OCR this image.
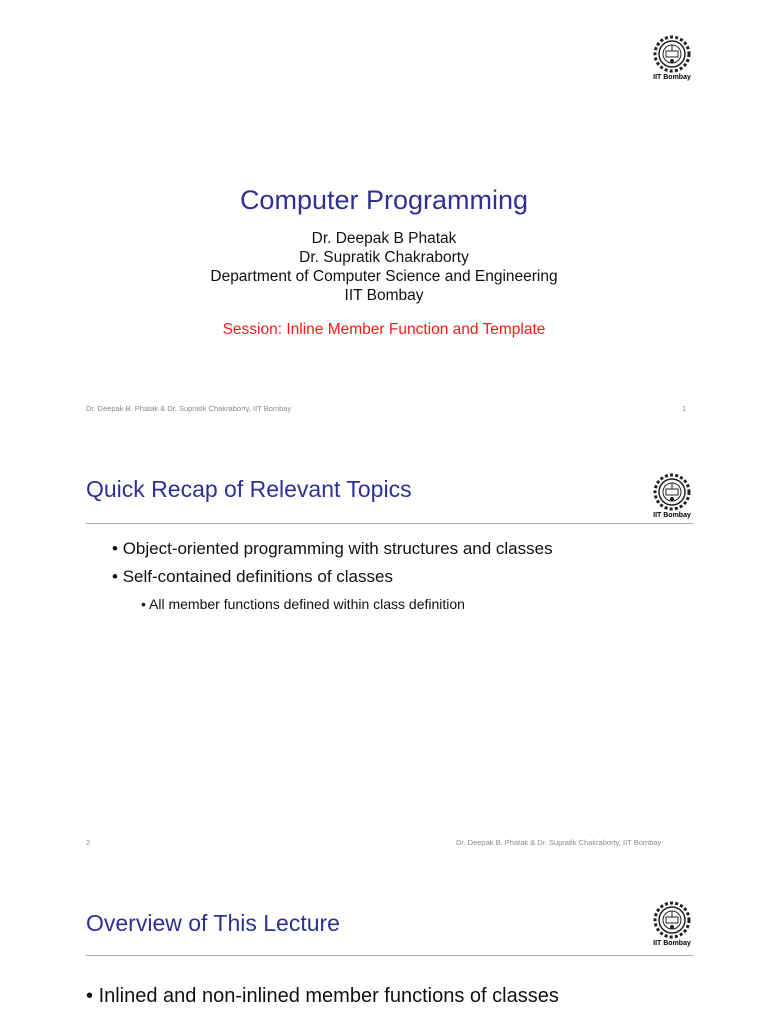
IIT Bombay
Computer Programming
Dr. Deepak B Phatak
Dr. Supratik Chakraborty
Department of Computer Science and Engineering
IIT Bombay
Session: Inline Member Function and Template
Dr. Deepak B. Phatak & Dr. Supratik Chakraborty, IIT Bombay	1
Quick Recap of Relevant Topics
IIT Bombay
• Object-oriented programming with structures and classes
• Self-contained definitions of classes
• All member functions defined within class definition
2	Dr. Deepak B. Phatak & Dr. Supratik Chakraborty, IIT Bombay
Overview of This Lecture
IIT Bombay
• Inlined and non-inlined member functions of classes
